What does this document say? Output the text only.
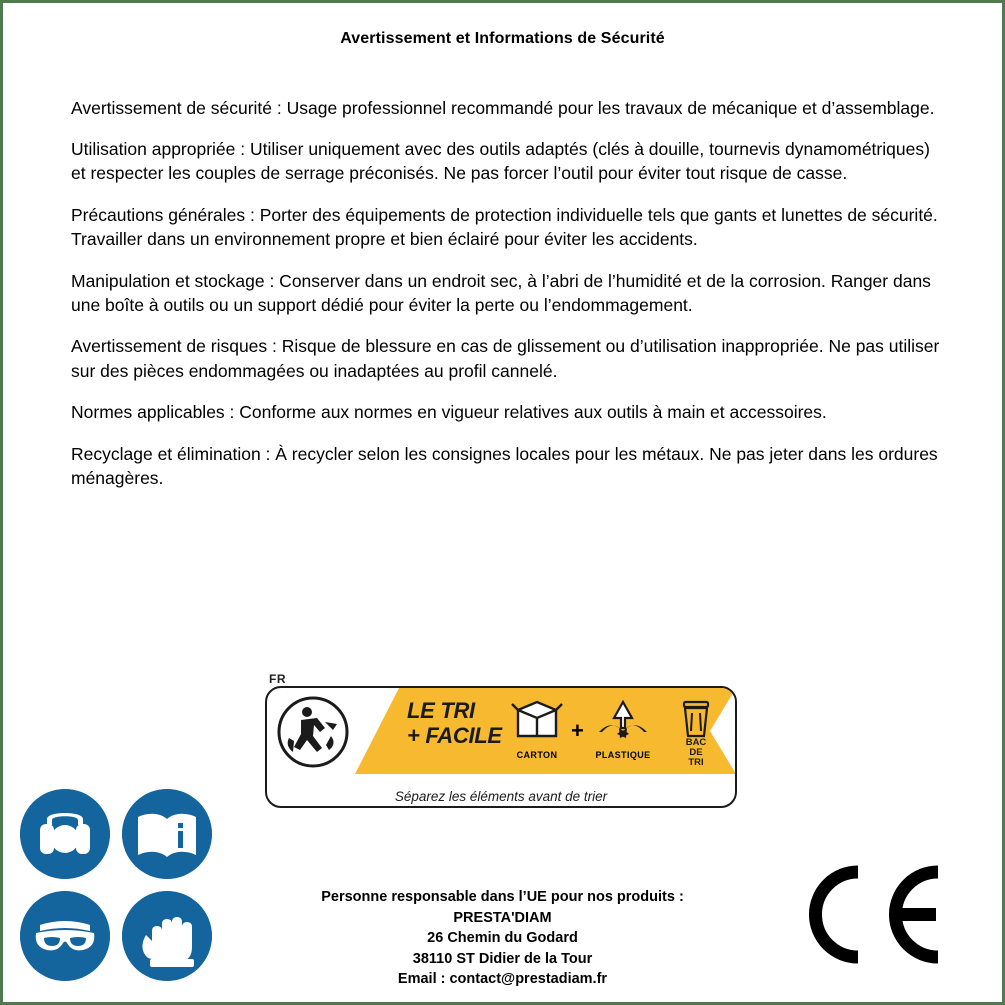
Avertissement et Informations de Sécurité

Avertissement de sécurité : Usage professionnel recommandé pour les travaux de mécanique et d’assemblage.

Utilisation appropriée : Utiliser uniquement avec des outils adaptés (clés à douille, tournevis dynamométriques) et respecter les couples de serrage préconisés. Ne pas forcer l’outil pour éviter tout risque de casse.

Précautions générales : Porter des équipements de protection individuelle tels que gants et lunettes de sécurité. Travailler dans un environnement propre et bien éclairé pour éviter les accidents.

Manipulation et stockage : Conserver dans un endroit sec, à l’abri de l’humidité et de la corrosion. Ranger dans une boîte à outils ou un support dédié pour éviter la perte ou l’endommagement.

Avertissement de risques : Risque de blessure en cas de glissement ou d’utilisation inappropriée. Ne pas utiliser sur des pièces endommagées ou inadaptées au profil cannelé.

Normes applicables : Conforme aux normes en vigueur relatives aux outils à main et accessoires.

Recyclage et élimination : À recycler selon les consignes locales pour les métaux. Ne pas jeter dans les ordures ménagères.

FR
LE TRI
+ FACILE
CARTON
+
PLASTIQUE
BAC
DE
TRI
Séparez les éléments avant de trier
Personne responsable dans l’UE pour nos produits :
PRESTA'DIAM
26 Chemin du Godard
38110 ST Didier de la Tour
Email : contact@prestadiam.fr
